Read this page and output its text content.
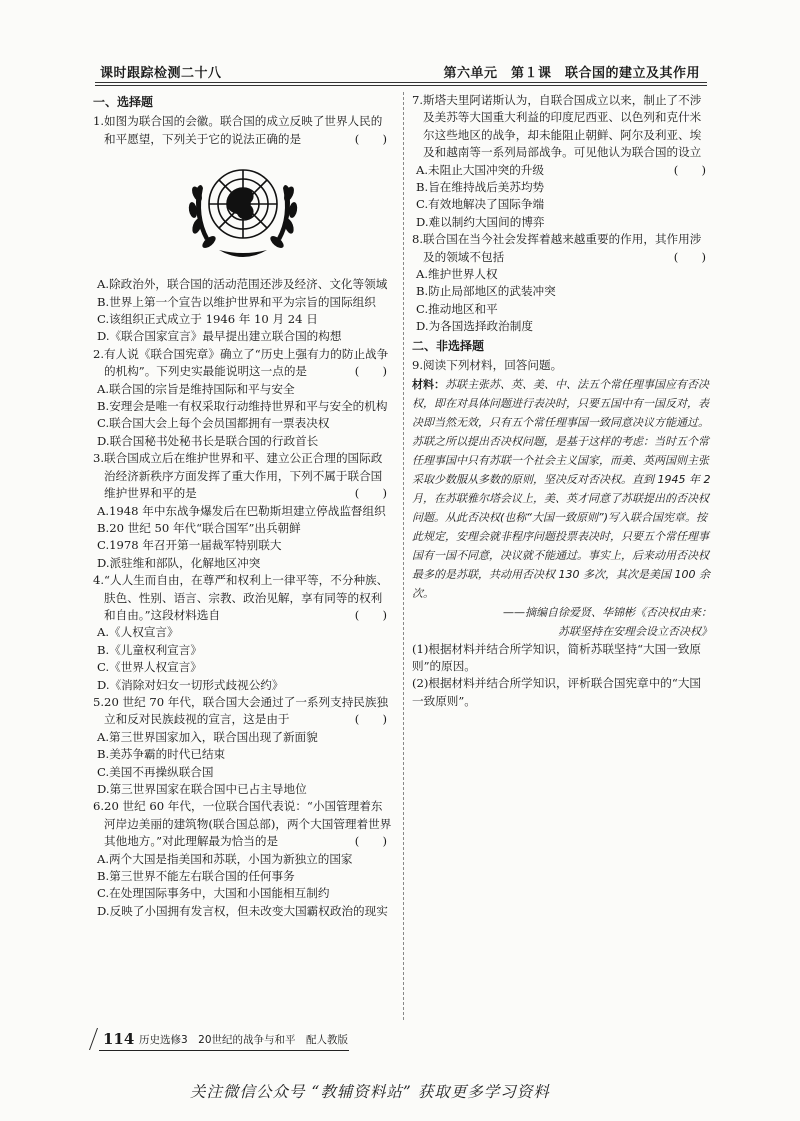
课时跟踪检测二十八	第六单元　第１课　联合国的建立及其作用
一、选择题
1.如图为联合国的会徽。联合国的成立反映了世界人民的和平愿望，下列关于它的说法正确的是	(　　)
A.除政治外，联合国的活动范围还涉及经济、文化等领域
B.世界上第一个宣告以维护世界和平为宗旨的国际组织
C.该组织正式成立于 1946 年 10 月 24 日
D.《联合国家宣言》最早提出建立联合国的构想
2.有人说《联合国宪章》确立了“历史上强有力的防止战争的机构”。下列史实最能说明这一点的是	(　　)
A.联合国的宗旨是维持国际和平与安全
B.安理会是唯一有权采取行动维持世界和平与安全的机构
C.联合国大会上每个会员国都拥有一票表决权
D.联合国秘书处秘书长是联合国的行政首长
3.联合国成立后在维护世界和平、建立公正合理的国际政治经济新秩序方面发挥了重大作用，下列不属于联合国维护世界和平的是	(　　)
A.1948 年中东战争爆发后在巴勒斯坦建立停战监督组织
B.20 世纪 50 年代“联合国军”出兵朝鲜
C.1978 年召开第一届裁军特别联大
D.派驻维和部队，化解地区冲突
4.“人人生而自由，在尊严和权利上一律平等，不分种族、肤色、性别、语言、宗教、政治见解，享有同等的权利和自由。”这段材料选自	(　　)
A.《人权宣言》
B.《儿童权利宣言》
C.《世界人权宣言》
D.《消除对妇女一切形式歧视公约》
5.20 世纪 70 年代，联合国大会通过了一系列支持民族独立和反对民族歧视的宣言，这是由于	(　　)
A.第三世界国家加入，联合国出现了新面貌
B.美苏争霸的时代已结束
C.美国不再操纵联合国
D.第三世界国家在联合国中已占主导地位
6.20 世纪 60 年代，一位联合国代表说：“小国管理着东河岸边美丽的建筑物(联合国总部)，两个大国管理着世界其他地方。”对此理解最为恰当的是	(　　)
A.两个大国是指美国和苏联，小国为新独立的国家
B.第三世界不能左右联合国的任何事务
C.在处理国际事务中，大国和小国能相互制约
D.反映了小国拥有发言权，但未改变大国霸权政治的现实
7.斯塔夫里阿诺斯认为，自联合国成立以来，制止了不涉及美苏等大国重大利益的印度尼西亚、以色列和克什米尔这些地区的战争，却未能阻止朝鲜、阿尔及利亚、埃及和越南等一系列局部战争。可见他认为联合国的设立
(　　)
A.未阻止大国冲突的升级
B.旨在维持战后美苏均势
C.有效地解决了国际争端
D.难以制约大国间的博弈
8.联合国在当今社会发挥着越来越重要的作用，其作用涉及的领域不包括	(　　)
A.维护世界人权
B.防止局部地区的武装冲突
C.推动地区和平
D.为各国选择政治制度
二、非选择题
9.阅读下列材料，回答问题。

材料：苏联主张苏、英、美、中、法五个常任理事国应有否决权，即在对具体问题进行表决时，只要五国中有一国反对，表决即当然无效，只有五个常任理事国一致同意决议方能通过。苏联之所以提出否决权问题，是基于这样的考虑：当时五个常任理事国中只有苏联一个社会主义国家，而美、英两国则主张采取少数服从多数的原则，坚决反对否决权。直到 1945 年 2 月，在苏联雅尔塔会议上，美、英才同意了苏联提出的否决权问题。从此否决权(也称“大国一致原则”)写入联合国宪章。按此规定，安理会就非程序问题投票表决时，只要五个常任理事国有一国不同意，决议就不能通过。事实上，后来动用否决权最多的是苏联，共动用否决权 130 多次，其次是美国 100 余次。

——摘编自徐爱贤、华锦彬《否决权由来：
苏联坚持在安理会设立否决权》
(1)根据材料并结合所学知识，简析苏联坚持“大国一致原则”的原因。
(2)根据材料并结合所学知识，评析联合国宪章中的“大国一致原则”。
114 历史选修3　20世纪的战争与和平　配人教版
关注微信公众号 “教辅资料站” 获取更多学习资料
